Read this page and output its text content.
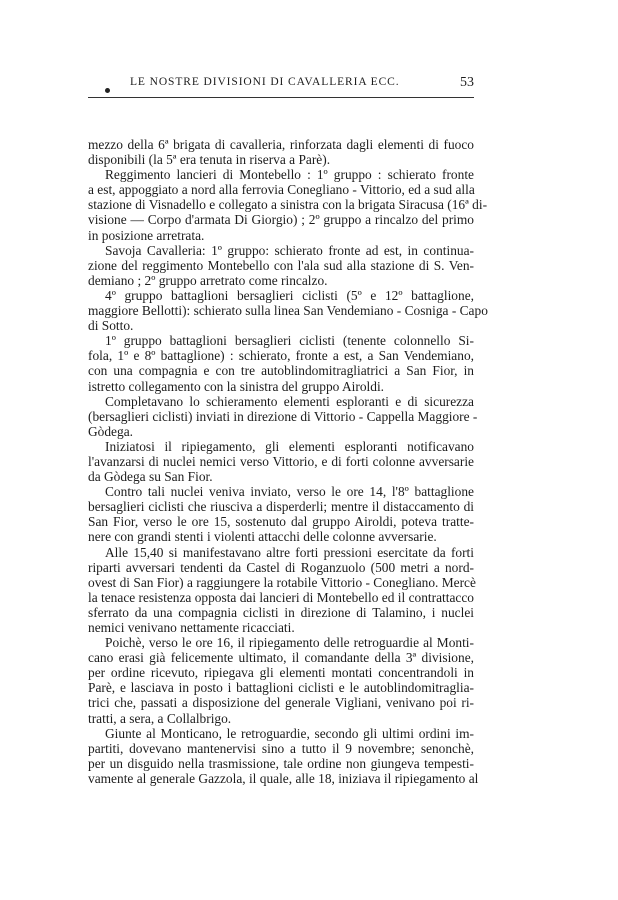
LE NOSTRE DIVISIONI DI CAVALLERIA ECC.	53
mezzo della 6ª brigata di cavalleria, rinforzata dagli elementi di fuoco
disponibili (la 5ª era tenuta in riserva a Parè).
Reggimento lancieri di Montebello : 1º gruppo : schierato fronte
a est, appoggiato a nord alla ferrovia Conegliano - Vittorio, ed a sud alla
stazione di Visnadello e collegato a sinistra con la brigata Siracusa (16ª di-
visione — Corpo d'armata Di Giorgio) ; 2º gruppo a rincalzo del primo
in posizione arretrata.
Savoja Cavalleria: 1º gruppo: schierato fronte ad est, in continua-
zione del reggimento Montebello con l'ala sud alla stazione di S. Ven-
demiano ; 2º gruppo arretrato come rincalzo.
4º gruppo battaglioni bersaglieri ciclisti (5º e 12º battaglione,
maggiore Bellotti): schierato sulla linea San Vendemiano - Cosniga - Capo
di Sotto.
1º gruppo battaglioni bersaglieri ciclisti (tenente colonnello Si-
fola, 1º e 8º battaglione) : schierato, fronte a est, a San Vendemiano,
con una compagnia e con tre autoblindomitragliatrici a San Fior, in
istretto collegamento con la sinistra del gruppo Airoldi.
Completavano lo schieramento elementi esploranti e di sicurezza
(bersaglieri ciclisti) inviati in direzione di Vittorio - Cappella Maggiore -
Gòdega.
Iniziatosi il ripiegamento, gli elementi esploranti notificavano
l'avanzarsi di nuclei nemici verso Vittorio, e di forti colonne avversarie
da Gòdega su San Fior.
Contro tali nuclei veniva inviato, verso le ore 14, l'8º battaglione
bersaglieri ciclisti che riusciva a disperderli; mentre il distaccamento di
San Fior, verso le ore 15, sostenuto dal gruppo Airoldi, poteva tratte-
nere con grandi stenti i violenti attacchi delle colonne avversarie.
Alle 15,40 si manifestavano altre forti pressioni esercitate da forti
riparti avversari tendenti da Castel di Roganzuolo (500 metri a nord-
ovest di San Fior) a raggiungere la rotabile Vittorio - Conegliano. Mercè
la tenace resistenza opposta dai lancieri di Montebello ed il contrattacco
sferrato da una compagnia ciclisti in direzione di Talamino, i nuclei
nemici venivano nettamente ricacciati.
Poichè, verso le ore 16, il ripiegamento delle retroguardie al Monti-
cano erasi già felicemente ultimato, il comandante della 3ª divisione,
per ordine ricevuto, ripiegava gli elementi montati concentrandoli in
Parè, e lasciava in posto i battaglioni ciclisti e le autoblindomitraglia-
trici che, passati a disposizione del generale Vigliani, venivano poi ri-
tratti, a sera, a Collalbrigo.
Giunte al Monticano, le retroguardie, secondo gli ultimi ordini im-
partiti, dovevano mantenervisi sino a tutto il 9 novembre; senonchè,
per un disguido nella trasmissione, tale ordine non giungeva tempesti-
vamente al generale Gazzola, il quale, alle 18, iniziava il ripiegamento al
